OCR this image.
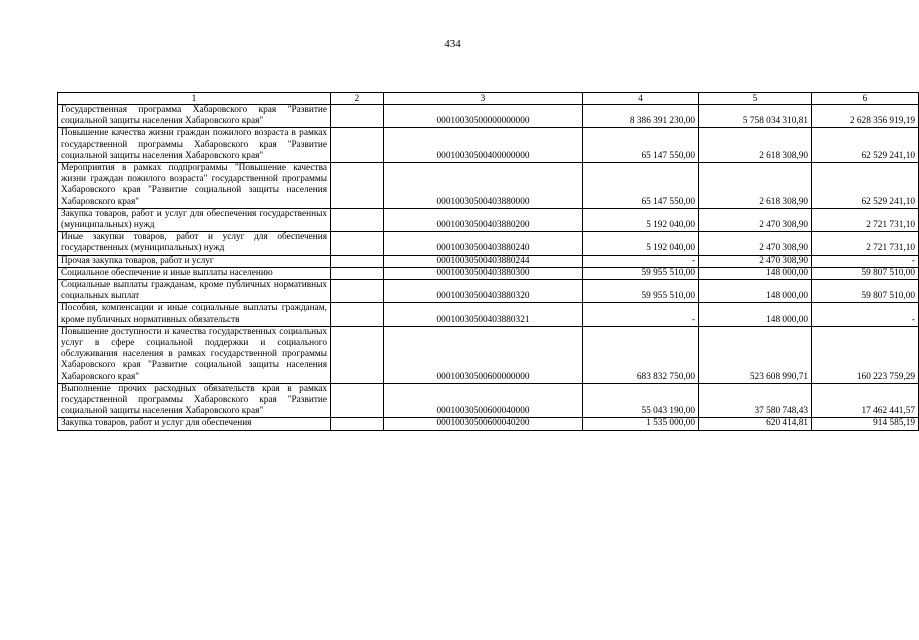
434
1	2	3	4	5	6
Государственная программа Хабаровского края "Развитие социальной защиты населения Хабаровского края"		00010030500000000000	8 386 391 230,00	5 758 034 310,81	2 628 356 919,19
Повышение качества жизни граждан пожилого возраста в рамках государственной программы Хабаровского края "Развитие социальной защиты населения Хабаровского края"		00010030500400000000	65 147 550,00	2 618 308,90	62 529 241,10
Мероприятия в рамках подпрограммы "Повышение качества жизни граждан пожилого возраста" государственной программы Хабаровского края "Развитие социальной защиты населения Хабаровского края"		00010030500403880000	65 147 550,00	2 618 308,90	62 529 241,10
Закупка товаров, работ и услуг для обеспечения государственных (муниципальных) нужд		00010030500403880200	5 192 040,00	2 470 308,90	2 721 731,10
Иные закупки товаров, работ и услуг для обеспечения государственных (муниципальных) нужд		00010030500403880240	5 192 040,00	2 470 308,90	2 721 731,10
Прочая закупка товаров, работ и услуг		00010030500403880244	-	2 470 308,90	-
Социальное обеспечение и иные выплаты населению		00010030500403880300	59 955 510,00	148 000,00	59 807 510,00
Социальные выплаты гражданам, кроме публичных нормативных социальных выплат		00010030500403880320	59 955 510,00	148 000,00	59 807 510,00
Пособия, компенсации и иные социальные выплаты гражданам, кроме публичных нормативных обязательств		00010030500403880321	-	148 000,00	-
Повышение доступности и качества государственных социальных услуг в сфере социальной поддержки и социального обслуживания населения в рамках государственной программы Хабаровского края "Развитие социальной защиты населения Хабаровского края"		00010030500600000000	683 832 750,00	523 608 990,71	160 223 759,29
Выполнение прочих расходных обязательств края в рамках государственной программы Хабаровского края "Развитие социальной защиты населения Хабаровского края"		00010030500600040000	55 043 190,00	37 580 748,43	17 462 441,57
Закупка товаров, работ и услуг для обеспечения		00010030500600040200	1 535 000,00	620 414,81	914 585,19
